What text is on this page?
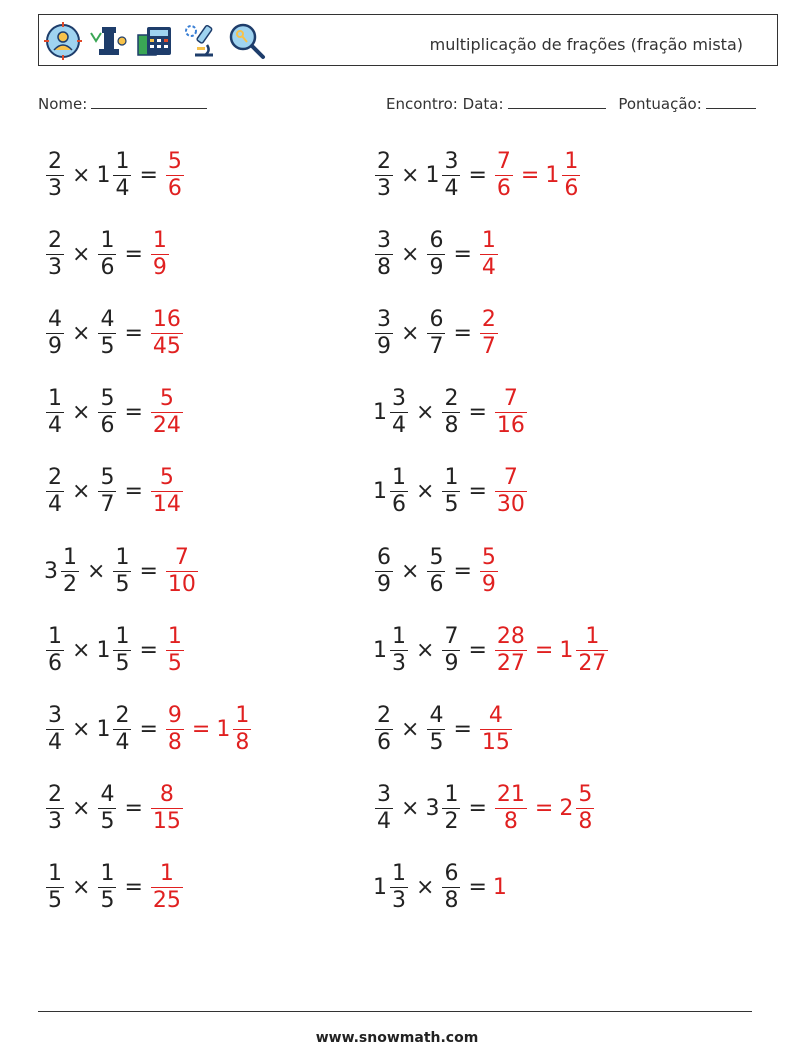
multiplicação de frações (fração mista)
Nome:	Encontro: Data:	Pontuação:
$\frac{2}{3} \times 1 \frac{1}{4} = \frac{5}{6}$	$\frac{2}{3} \times 1 \frac{3}{4} = \frac{7}{6} = 1 \frac{1}{6}$
$\frac{2}{3} \times \frac{1}{6} = \frac{1}{9}$	$\frac{3}{8} \times \frac{6}{9} = \frac{1}{4}$
$\frac{4}{9} \times \frac{4}{5} = \frac{16}{45}$	$\frac{3}{9} \times \frac{6}{7} = \frac{2}{7}$
$\frac{1}{4} \times \frac{5}{6} = \frac{5}{24}$	$1 \frac{3}{4} \times \frac{2}{8} = \frac{7}{16}$
$\frac{2}{4} \times \frac{5}{7} = \frac{5}{14}$	$1 \frac{1}{6} \times \frac{1}{5} = \frac{7}{30}$
$3 \frac{1}{2} \times \frac{1}{5} = \frac{7}{10}$	$\frac{6}{9} \times \frac{5}{6} = \frac{5}{9}$
$\frac{1}{6} \times 1 \frac{1}{5} = \frac{1}{5}$	$1 \frac{1}{3} \times \frac{7}{9} = \frac{28}{27} = 1 \frac{1}{27}$
$\frac{3}{4} \times 1 \frac{2}{4} = \frac{9}{8} = 1 \frac{1}{8}$	$\frac{2}{6} \times \frac{4}{5} = \frac{4}{15}$
$\frac{2}{3} \times \frac{4}{5} = \frac{8}{15}$	$\frac{3}{4} \times 3 \frac{1}{2} = \frac{21}{8} = 2 \frac{5}{8}$
$\frac{1}{5} \times \frac{1}{5} = \frac{1}{25}$	$1 \frac{1}{3} \times \frac{6}{8} = 1$
www.snowmath.com
